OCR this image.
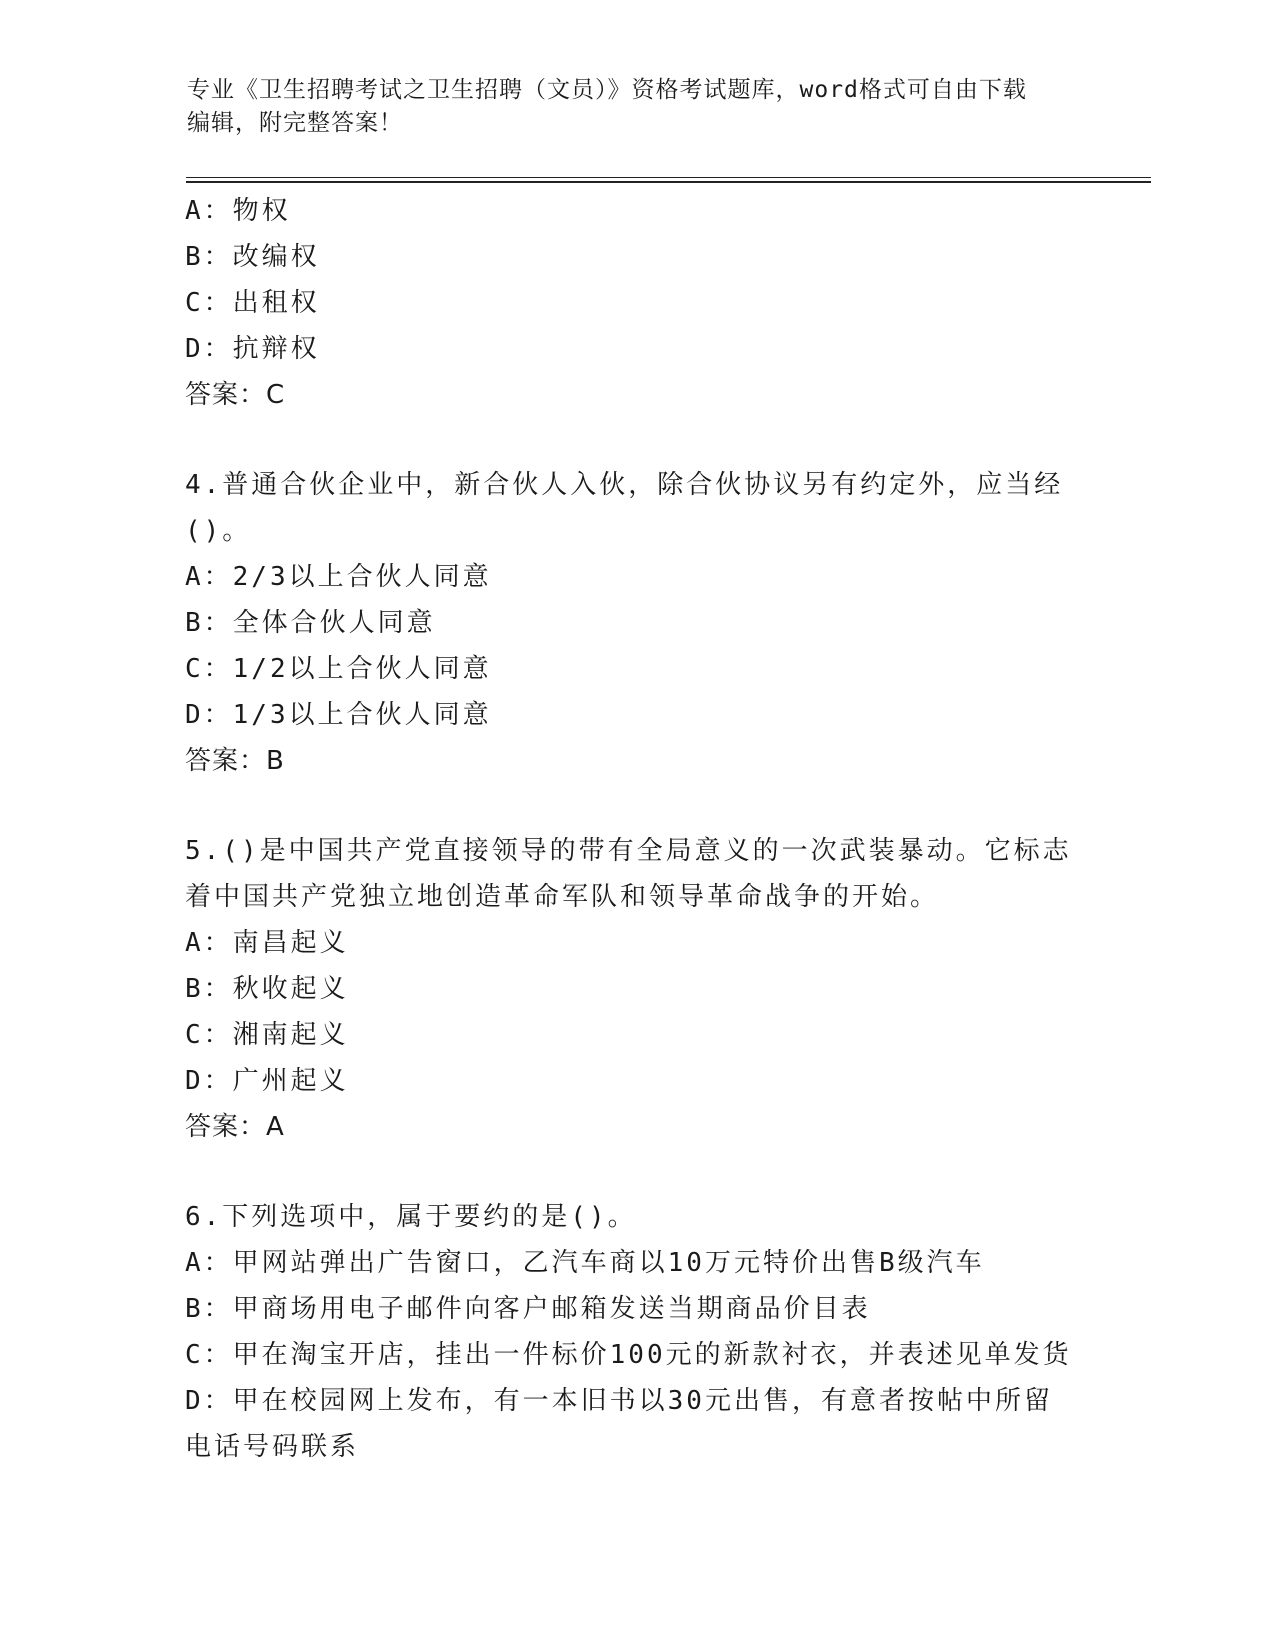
专业《卫生招聘考试之卫生招聘（文员）》资格考试题库，word格式可自由下载
编辑，附完整答案！

A：物权

B：改编权

C：出租权

D：抗辩权

答案：C

4.普通合伙企业中，新合伙人入伙，除合伙协议另有约定外，应当经

()。

A：2/3以上合伙人同意

B：全体合伙人同意

C：1/2以上合伙人同意

D：1/3以上合伙人同意

答案：B

5.()是中国共产党直接领导的带有全局意义的一次武装暴动。它标志

着中国共产党独立地创造革命军队和领导革命战争的开始。

A：南昌起义

B：秋收起义

C：湘南起义

D：广州起义

答案：A

6.下列选项中，属于要约的是()。

A：甲网站弹出广告窗口，乙汽车商以10万元特价出售B级汽车

B：甲商场用电子邮件向客户邮箱发送当期商品价目表

C：甲在淘宝开店，挂出一件标价100元的新款衬衣，并表述见单发货

D：甲在校园网上发布，有一本旧书以30元出售，有意者按帖中所留

电话号码联系
